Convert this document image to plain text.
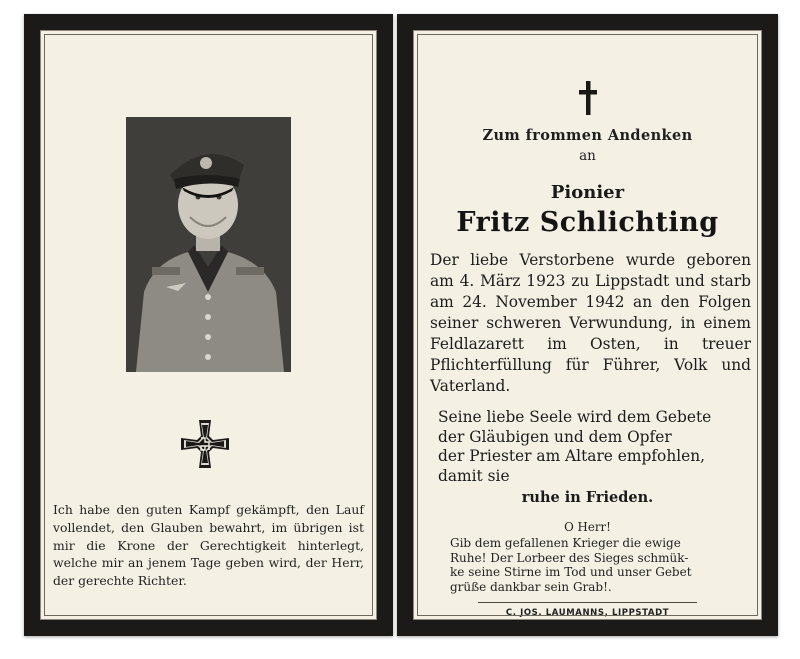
Ich habe den guten Kampf gekämpft, den Lauf vollendet, den Glauben bewahrt, im übrigen ist mir die Krone der Gerechtigkeit hinterlegt, welche mir an jenem Tage geben wird, der Herr, der gerechte Richter.
Zum frommen Andenken
an
Pionier
Fritz Schlichting
Der liebe Verstorbene wurde geboren am 4. März 1923 zu Lippstadt und starb am 24. November 1942 an den Folgen seiner schweren Verwundung, in einem Feldlazarett im Osten, in treuer Pflichterfüllung für Führer, Volk und Vaterland.
Seine liebe Seele wird dem Gebete
der Gläubigen und dem Opfer
der Priester am Altare empfohlen,
damit sie
ruhe in Frieden.
O Herr!
Gib dem gefallenen Krieger die ewige
Ruhe! Der Lorbeer des Sieges schmük-
ke seine Stirne im Tod und unser Gebet
grüße dankbar sein Grab!.
C. JOS. LAUMANNS, LIPPSTADT
